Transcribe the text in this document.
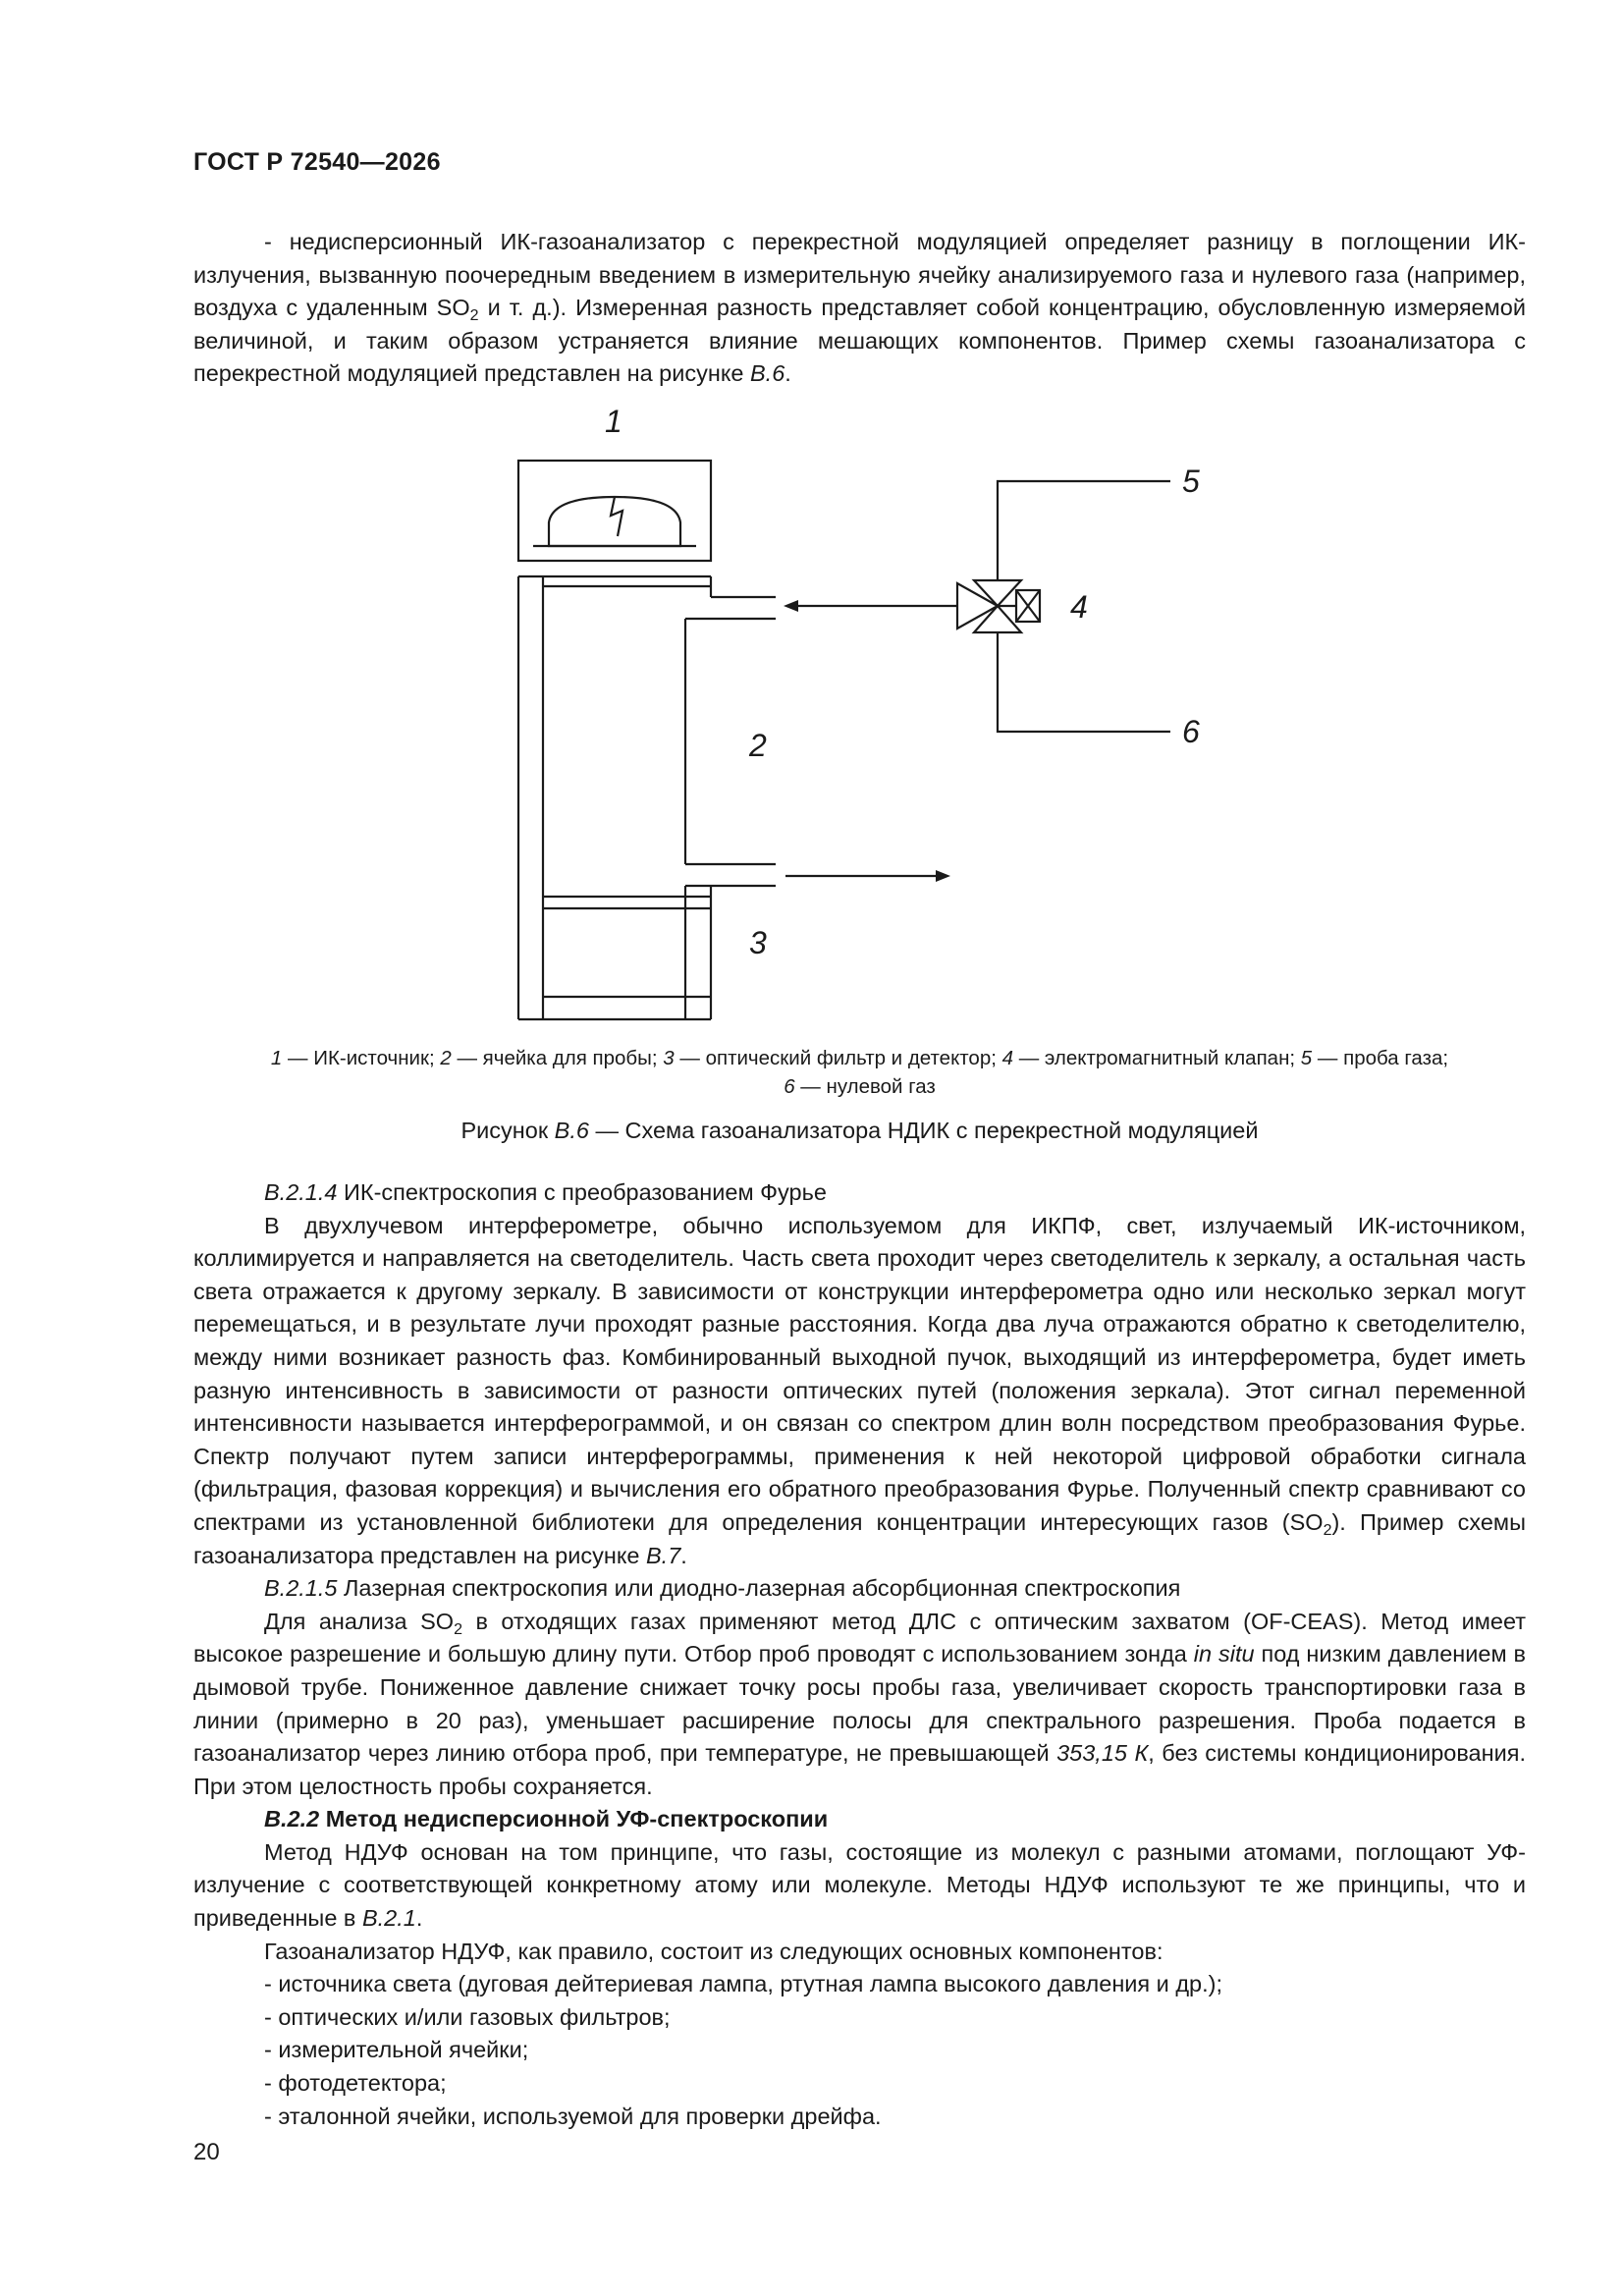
ГОСТ Р 72540—2026

- недисперсионный ИК-газоанализатор с перекрестной модуляцией определяет разницу в поглощении ИК-излучения, вызванную поочередным введением в измерительную ячейку анализируемого газа и нулевого газа (например, воздуха с удаленным $SO_2$ и т. д.). Измеренная разность представляет собой концентрацию, обусловленную измеряемой величиной, и таким образом устраняется влияние мешающих компонентов. Пример схемы газоанализатора с перекрестной модуляцией представлен на рисунке В.6.

1
2
3
4
5
6
1 — ИК-источник; 2 — ячейка для пробы; 3 — оптический фильтр и детектор; 4 — электромагнитный клапан; 5 — проба газа;
6 — нулевой газ
Рисунок В.6 — Схема газоанализатора НДИК с перекрестной модуляцией

В.2.1.4 ИК-спектроскопия с преобразованием Фурье

В двухлучевом интерферометре, обычно используемом для ИКПФ, свет, излучаемый ИК-источником, коллимируется и направляется на светоделитель. Часть света проходит через светоделитель к зеркалу, а остальная часть света отражается к другому зеркалу. В зависимости от конструкции интерферометра одно или несколько зеркал могут перемещаться, и в результате лучи проходят разные расстояния. Когда два луча отражаются обратно к светоделителю, между ними возникает разность фаз. Комбинированный выходной пучок, выходящий из интерферометра, будет иметь разную интенсивность в зависимости от разности оптических путей (положения зеркала). Этот сигнал переменной интенсивности называется интерферограммой, и он связан со спектром длин волн посредством преобразования Фурье. Спектр получают путем записи интерферограммы, применения к ней некоторой цифровой обработки сигнала (фильтрация, фазовая коррекция) и вычисления его обратного преобразования Фурье. Полученный спектр сравнивают со спектрами из установленной библиотеки для определения концентрации интересующих газов $(SO_2)$. Пример схемы газоанализатора представлен на рисунке В.7.

В.2.1.5 Лазерная спектроскопия или диодно-лазерная абсорбционная спектроскопия

Для анализа $SO_2$ в отходящих газах применяют метод ДЛС с оптическим захватом (OF-CEAS). Метод имеет высокое разрешение и большую длину пути. Отбор проб проводят с использованием зонда in situ под низким давлением в дымовой трубе. Пониженное давление снижает точку росы пробы газа, увеличивает скорость транспортировки газа в линии (примерно в 20 раз), уменьшает расширение полосы для спектрального разрешения. Проба подается в газоанализатор через линию отбора проб, при температуре, не превышающей 353,15 К, без системы кондиционирования. При этом целостность пробы сохраняется.

В.2.2 Метод недисперсионной УФ-спектроскопии

Метод НДУФ основан на том принципе, что газы, состоящие из молекул с разными атомами, поглощают УФ-излучение с соответствующей конкретному атому или молекуле. Методы НДУФ используют те же принципы, что и приведенные в В.2.1.

Газоанализатор НДУФ, как правило, состоит из следующих основных компонентов:

- источника света (дуговая дейтериевая лампа, ртутная лампа высокого давления и др.);

- оптических и/или газовых фильтров;

- измерительной ячейки;

- фотодетектора;

- эталонной ячейки, используемой для проверки дрейфа.

20
